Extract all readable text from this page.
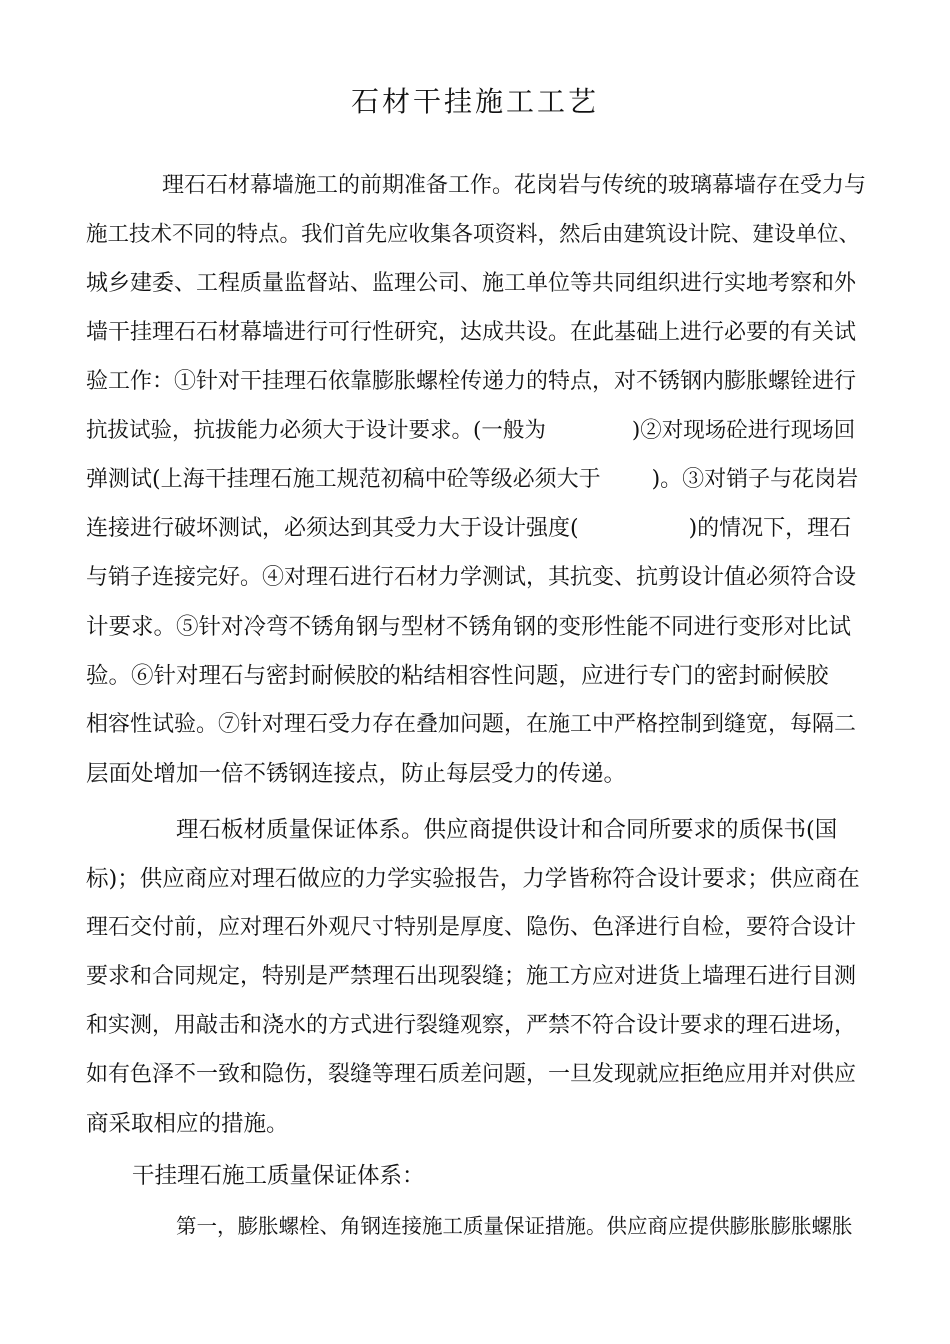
石材干挂施工工艺
理石石材幕墙施工的前期准备工作。花岗岩与传统的玻璃幕墙存在受力与
施工技术不同的特点。我们首先应收集各项资料，然后由建筑设计院、建设单位、
城乡建委、工程质量监督站、监理公司、施工单位等共同组织进行实地考察和外
墙干挂理石石材幕墙进行可行性研究，达成共设。在此基础上进行必要的有关试
验工作：①针对干挂理石依靠膨胀螺栓传递力的特点，对不锈钢内膨胀螺铨进行
抗拔试验，抗拔能力必须大于设计要求。(一般为　　　　)②对现场砼进行现场回
弹测试(上海干挂理石施工规范初稿中砼等级必须大于　　 )。③对销子与花岗岩
连接进行破坏测试，必须达到其受力大于设计强度(　　　　　)的情况下，理石
与销子连接完好。④对理石进行石材力学测试，其抗变、抗剪设计值必须符合设
计要求。⑤针对冷弯不锈角钢与型材不锈角钢的变形性能不同进行变形对比试
验。⑥针对理石与密封耐候胶的粘结相容性问题，应进行专门的密封耐候胶
相容性试验。⑦针对理石受力存在叠加问题，在施工中严格控制到缝宽，每隔二
层面处增加一倍不锈钢连接点，防止每层受力的传递。
理石板材质量保证体系。供应商提供设计和合同所要求的质保书(国
标)；供应商应对理石做应的力学实验报告，力学皆称符合设计要求；供应商在
理石交付前，应对理石外观尺寸特别是厚度、隐伤、色泽进行自检，要符合设计
要求和合同规定，特别是严禁理石出现裂缝；施工方应对进货上墙理石进行目测
和实测，用敲击和浇水的方式进行裂缝观察，严禁不符合设计要求的理石进场，
如有色泽不一致和隐伤，裂缝等理石质差问题，一旦发现就应拒绝应用并对供应
商采取相应的措施。
干挂理石施工质量保证体系：
第一，膨胀螺栓、角钢连接施工质量保证措施。供应商应提供膨胀膨胀螺胀
